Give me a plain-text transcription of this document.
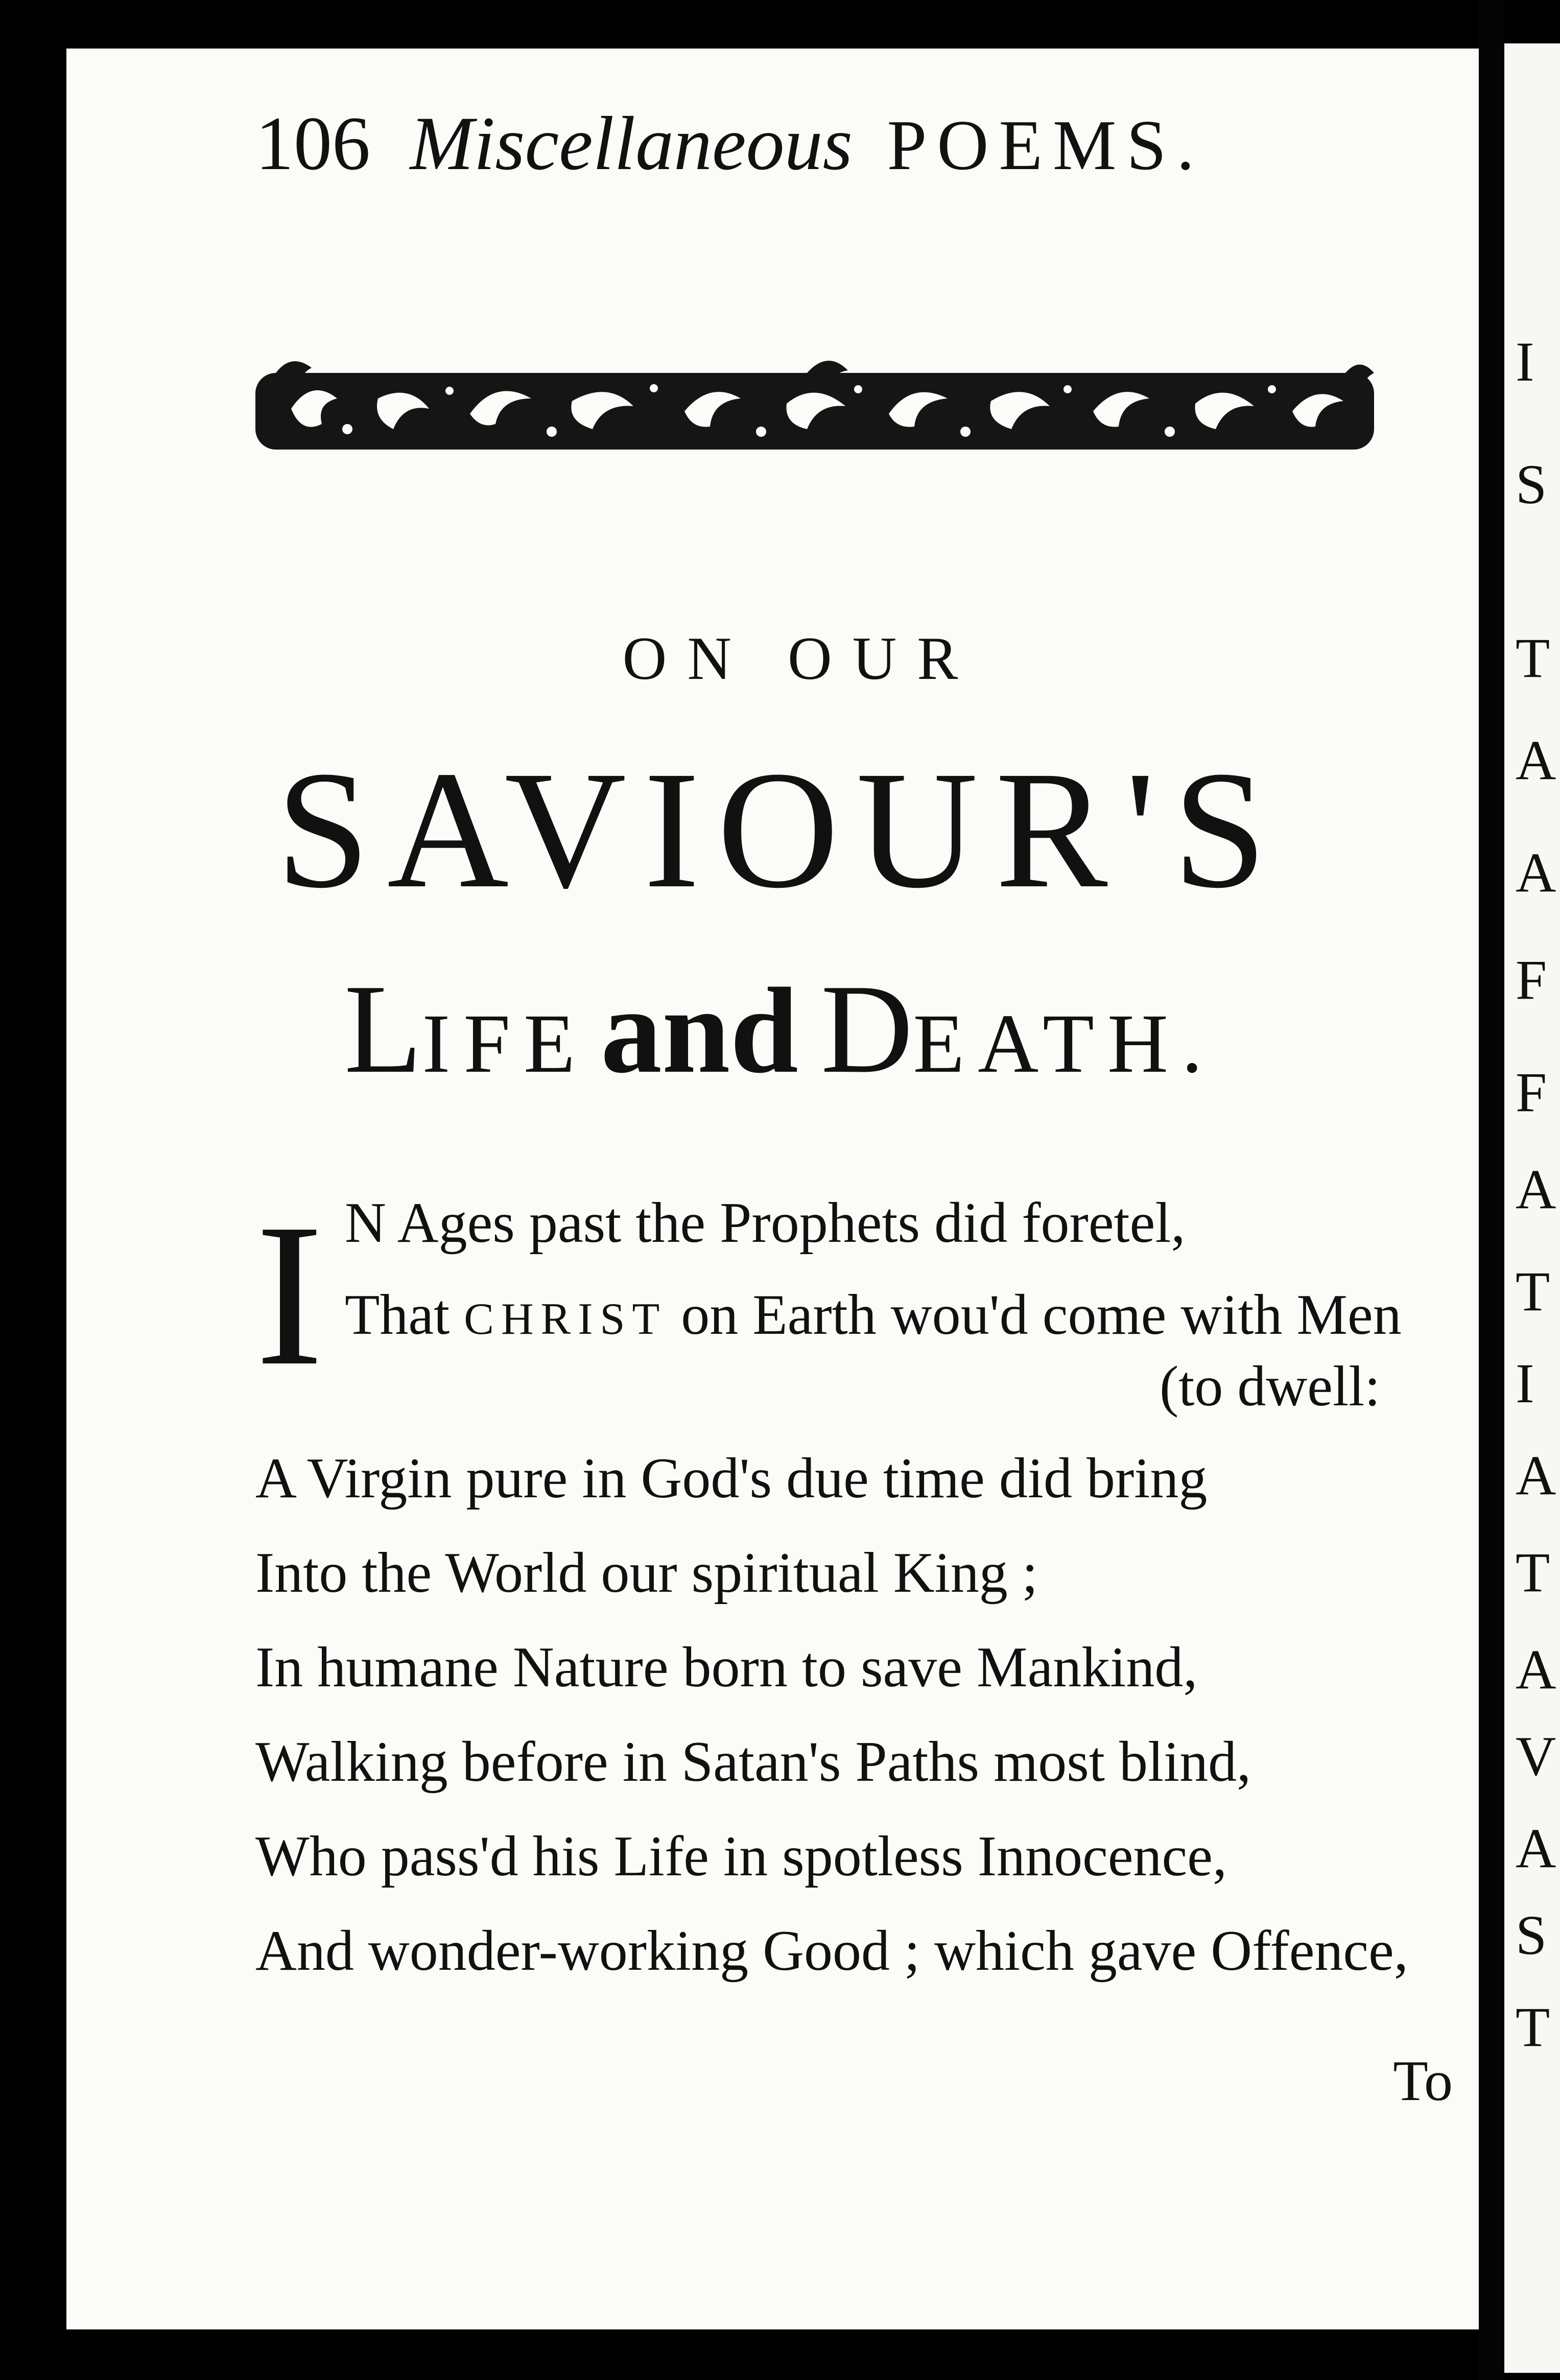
I
S
T
A
A
F
F
A
T
I
A
T
A
V
A
S
T
106 Miscellaneous POEMS.
ON OUR
SAVIOUR'S
LIFE and DEATH.
I N Ages past the Prophets did foretel,
That CHRIST on Earth wou'd come with Men
(to dwell:
A Virgin pure in God's due time did bring
Into the World our spiritual King ;
In humane Nature born to save Mankind,
Walking before in Satan's Paths most blind,
Who pass'd his Life in spotless Innocence,
And wonder-working Good ; which gave Offence,
To
